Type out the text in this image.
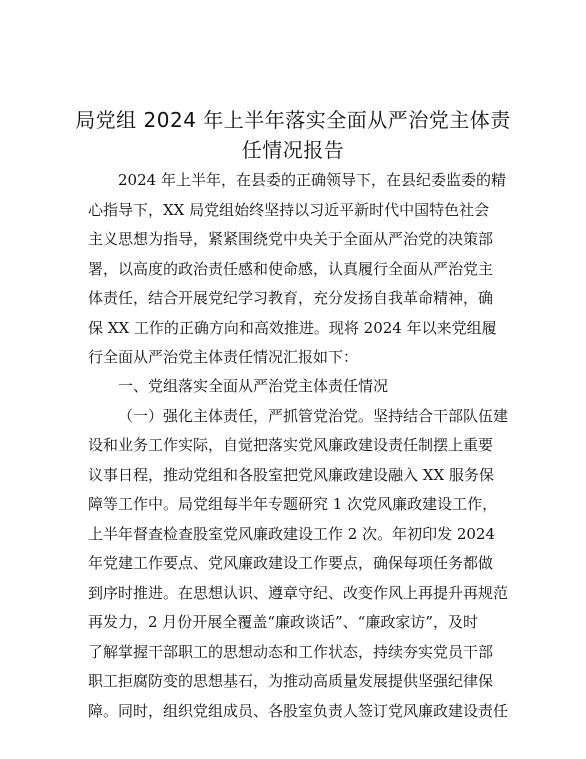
局党组 2024 年上半年落实全面从严治党主体责
任情况报告
2024 年上半年，在县委的正确领导下，在县纪委监委的精
心指导下，XX 局党组始终坚持以习近平新时代中国特色社会
主义思想为指导，紧紧围绕党中央关于全面从严治党的决策部
署，以高度的政治责任感和使命感，认真履行全面从严治党主
体责任，结合开展党纪学习教育，充分发扬自我革命精神，确
保 XX 工作的正确方向和高效推进。现将 2024 年以来党组履
行全面从严治党主体责任情况汇报如下：
一、党组落实全面从严治党主体责任情况
（一）强化主体责任，严抓管党治党。坚持结合干部队伍建
设和业务工作实际，自觉把落实党风廉政建设责任制摆上重要
议事日程，推动党组和各股室把党风廉政建设融入 XX 服务保
障等工作中。局党组每半年专题研究 1 次党风廉政建设工作，
上半年督查检查股室党风廉政建设工作 2 次。年初印发 2024
年党建工作要点、党风廉政建设工作要点，确保每项任务都做
到序时推进。在思想认识、遵章守纪、改变作风上再提升再规范
再发力，2 月份开展全覆盖“廉政谈话”、“廉政家访”，及时
了解掌握干部职工的思想动态和工作状态，持续夯实党员干部
职工拒腐防变的思想基石，为推动高质量发展提供坚强纪律保
障。同时，组织党组成员、各股室负责人签订党风廉政建设责任
